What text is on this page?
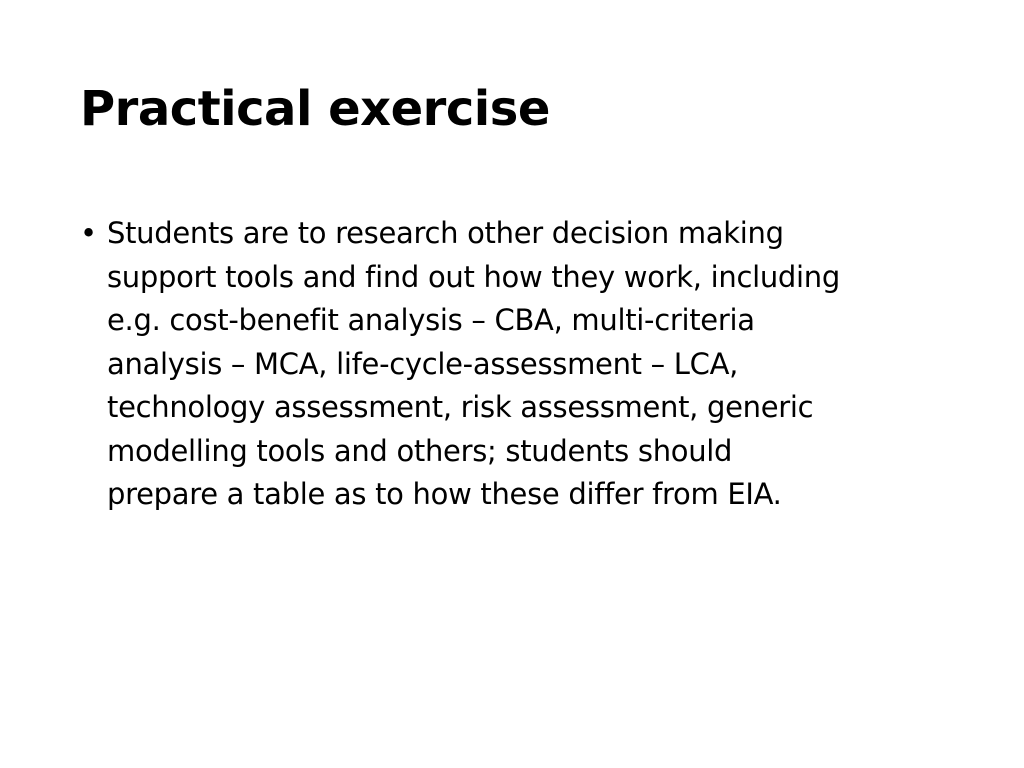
Practical exercise
• Students are to research other decision making
support tools and find out how they work, including
e.g. cost-benefit analysis – CBA, multi-criteria
analysis – MCA, life-cycle-assessment – LCA,
technology assessment, risk assessment, generic
modelling tools and others; students should
prepare a table as to how these differ from EIA.
